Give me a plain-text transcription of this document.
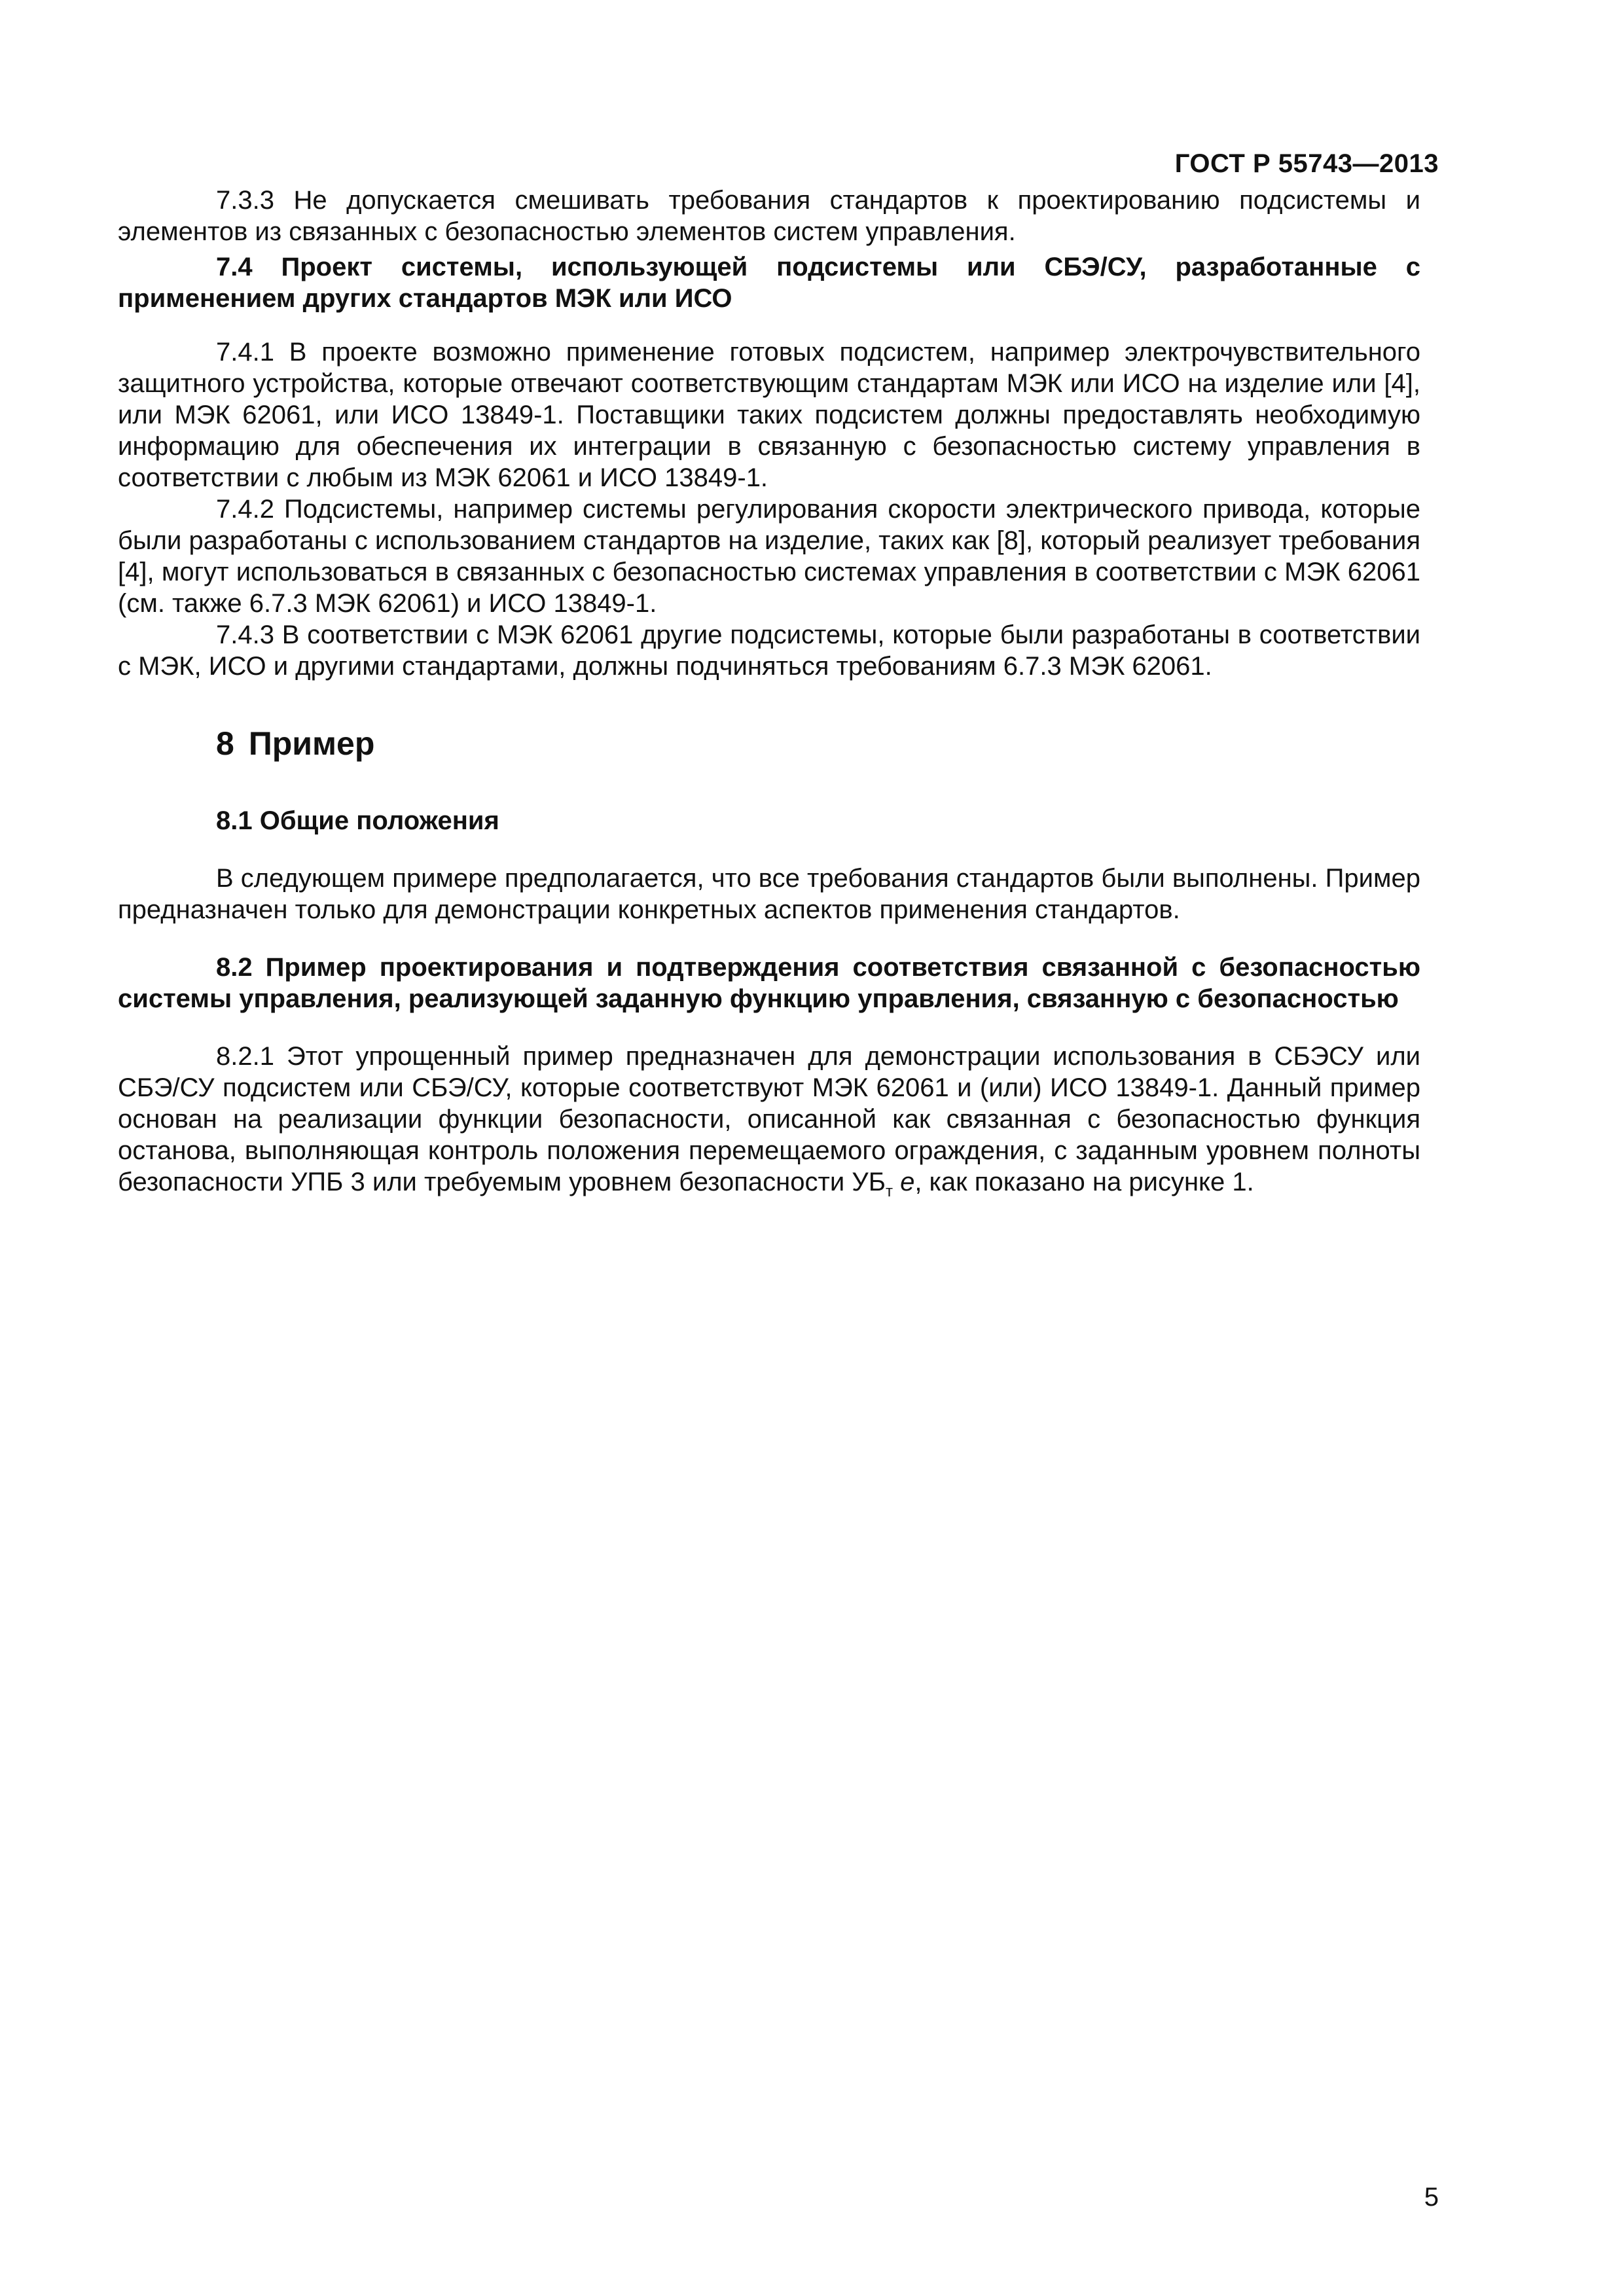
ГОСТ Р 55743—2013

7.3.3 Не допускается смешивать требования стандартов к проектированию подсистемы и элементов из связанных с безопасностью элементов систем управления.

7.4 Проект системы, использующей подсистемы или СБЭ/СУ, разработанные с применением других стандартов МЭК или ИСО

7.4.1 В проекте возможно применение готовых подсистем, например электрочувствительного защитного устройства, которые отвечают соответствующим стандартам МЭК или ИСО на изделие или [4], или МЭК 62061, или ИСО 13849-1. Поставщики таких подсистем должны предоставлять необходимую информацию для обеспечения их интеграции в связанную с безопасностью систему управления в соответствии с любым из МЭК 62061 и ИСО 13849-1.

7.4.2 Подсистемы, например системы регулирования скорости электрического привода, которые были разработаны с использованием стандартов на изделие, таких как [8], который реализует требования [4], могут использоваться в связанных с безопасностью системах управления в соответствии с МЭК 62061 (см. также 6.7.3 МЭК 62061) и ИСО 13849-1.

7.4.3 В соответствии с МЭК 62061 другие подсистемы, которые были разработаны в соответствии с МЭК, ИСО и другими стандартами, должны подчиняться требованиям 6.7.3 МЭК 62061.

8 Пример
8.1 Общие положения

В следующем примере предполагается, что все требования стандартов были выполнены. Пример предназначен только для демонстрации конкретных аспектов применения стандартов.

8.2 Пример проектирования и подтверждения соответствия связанной с безопасностью системы управления, реализующей заданную функцию управления, связанную с безопасностью

8.2.1 Этот упрощенный пример предназначен для демонстрации использования в СБЭСУ или СБЭ/СУ подсистем или СБЭ/СУ, которые соответствуют МЭК 62061 и (или) ИСО 13849-1. Данный пример основан на реализации функции безопасности, описанной как связанная с безопасностью функция останова, выполняющая контроль положения перемещаемого ограждения, с заданным уровнем полноты безопасности УПБ 3 или требуемым уровнем безопасности $УБ_т$ e, как показано на рисунке 1.

5
